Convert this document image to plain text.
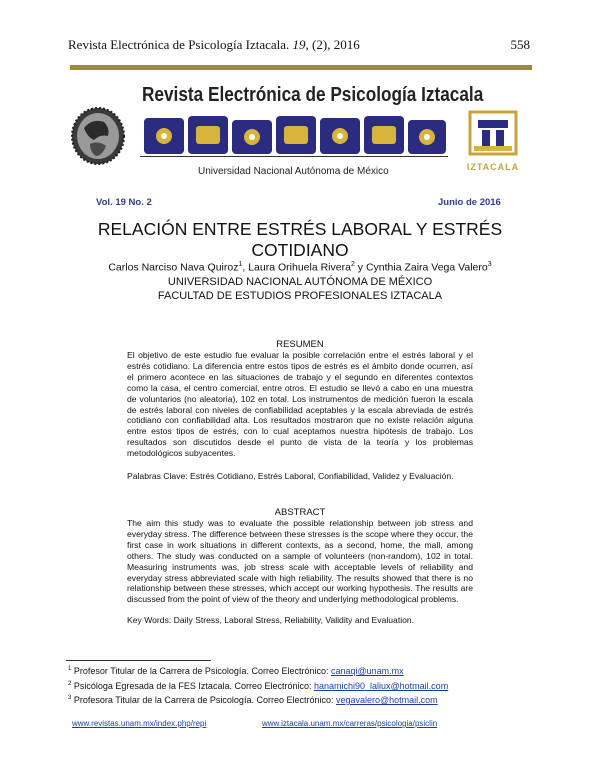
Revista Electrónica de Psicología Iztacala. 19, (2), 2016	558
Revista Electrónica de Psicología Iztacala
Universidad Nacional Autónoma de México	IZTACALA
Vol. 19 No. 2	Junio de 2016
RELACIÓN ENTRE ESTRÉS LABORAL Y ESTRÉS COTIDIANO
Carlos Narciso Nava Quiroz$^1$, Laura Orihuela Rivera$^2$ y Cynthia Zaira Vega Valero$^3$
UNIVERSIDAD NACIONAL AUTÓNOMA DE MÉXICO
FACULTAD DE ESTUDIOS PROFESIONALES IZTACALA
RESUMEN
El objetivo de este estudio fue evaluar la posible correlación entre el estrés laboral y el estrés cotidiano. La diferencia entre estos tipos de estrés es el ámbito donde ocurren, así el primero acontece en las situaciones de trabajo y el segundo en diferentes contextos como la casa, el centro comercial, entre otros. El estudio se llevó a cabo en una muestra de voluntarios (no aleatoria), 102 en total. Los instrumentos de medición fueron la escala de estrés laboral con niveles de confiabilidad aceptables y la escala abreviada de estrés cotidiano con confiabilidad alta. Los resultados mostraron que no existe relación alguna entre estos tipos de estrés, con lo cual aceptamos nuestra hipótesis de trabajo. Los resultados son discutidos desde el punto de vista de la teoría y los problemas metodológicos subyacentes.
Palabras Clave: Estrés Cotidiano, Estrés Laboral, Confiabilidad, Validez y Evaluación.
ABSTRACT
The aim this study was to evaluate the possible relationship between job stress and everyday stress. The difference between these stresses is the scope where they occur, the first case in work situations in different contexts, as a second, home, the mall, among others. The study was conducted on a sample of volunteers (non-random), 102 in total. Measuring instruments was, job stress scale with acceptable levels of reliability and everyday stress abbreviated scale with high reliability. The results showed that there is no relationship between these stresses, which accept our working hypothesis. The results are discussed from the point of view of the theory and underlying methodological problems.
Key Words: Daily Stress, Laboral Stress, Reliability, Validity and Evaluation.
$^1$ Profesor Titular de la Carrera de Psicología. Correo Electrónico: canaqi@unam.mx
$^2$ Psicóloga Egresada de la FES Iztacala. Correo Electrónico: hanamichi90_laliux@hotmail.com
$^3$ Profesora Titular de la Carrera de Psicología. Correo Electrónico: vegavalero@hotmail.com
www.revistas.unam.mx/index.php/repi	www.iztacala.unam.mx/carreras/psicologia/psiclin
